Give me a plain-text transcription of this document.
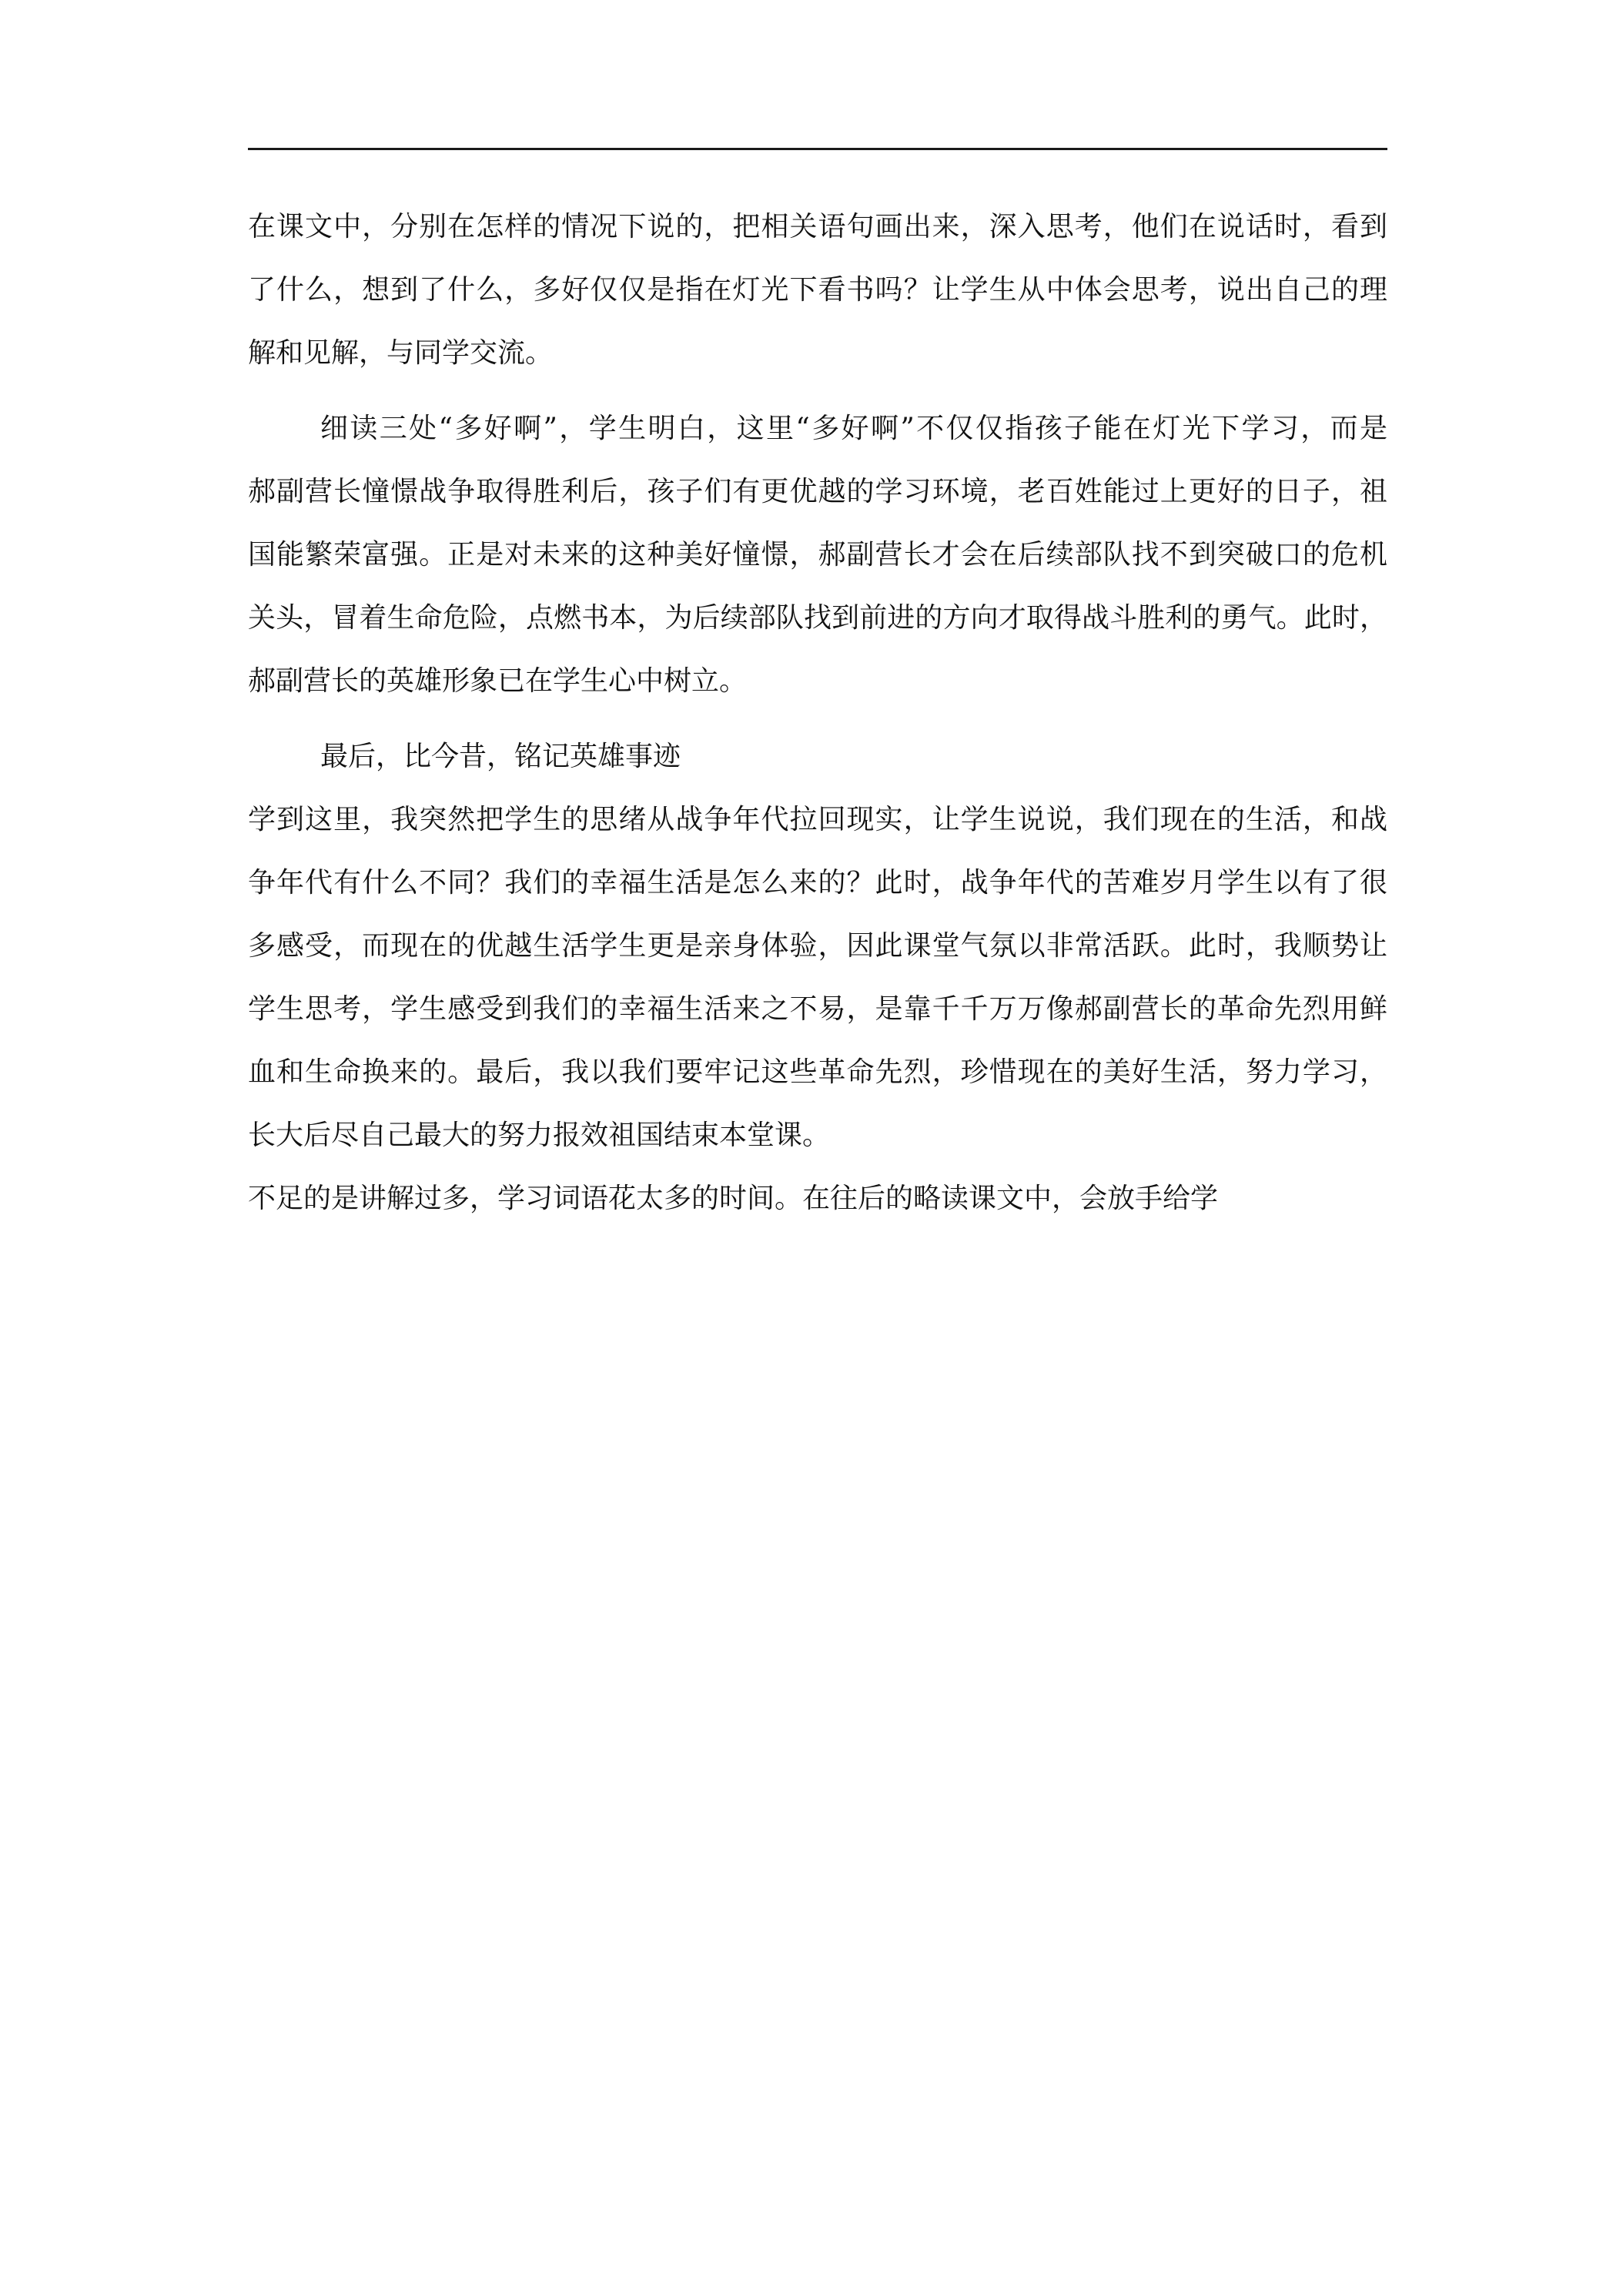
在课文中，分别在怎样的情况下说的，把相关语句画出来，深入思考，他们在说话时，看到
了什么，想到了什么，多好仅仅是指在灯光下看书吗？让学生从中体会思考，说出自己的理
解和见解，与同学交流。
细读三处“多好啊”，学生明白，这里“多好啊”不仅仅指孩子能在灯光下学习，而是
郝副营长憧憬战争取得胜利后，孩子们有更优越的学习环境，老百姓能过上更好的日子，祖
国能繁荣富强。正是对未来的这种美好憧憬，郝副营长才会在后续部队找不到突破口的危机
关头，冒着生命危险，点燃书本，为后续部队找到前进的方向才取得战斗胜利的勇气。此时，
郝副营长的英雄形象已在学生心中树立。
最后，比今昔，铭记英雄事迹
学到这里，我突然把学生的思绪从战争年代拉回现实，让学生说说，我们现在的生活，和战
争年代有什么不同？我们的幸福生活是怎么来的？此时，战争年代的苦难岁月学生以有了很
多感受，而现在的优越生活学生更是亲身体验，因此课堂气氛以非常活跃。此时，我顺势让
学生思考，学生感受到我们的幸福生活来之不易，是靠千千万万像郝副营长的革命先烈用鲜
血和生命换来的。最后，我以我们要牢记这些革命先烈，珍惜现在的美好生活，努力学习，
长大后尽自己最大的努力报效祖国结束本堂课。
不足的是讲解过多，学习词语花太多的时间。在往后的略读课文中，会放手给学
